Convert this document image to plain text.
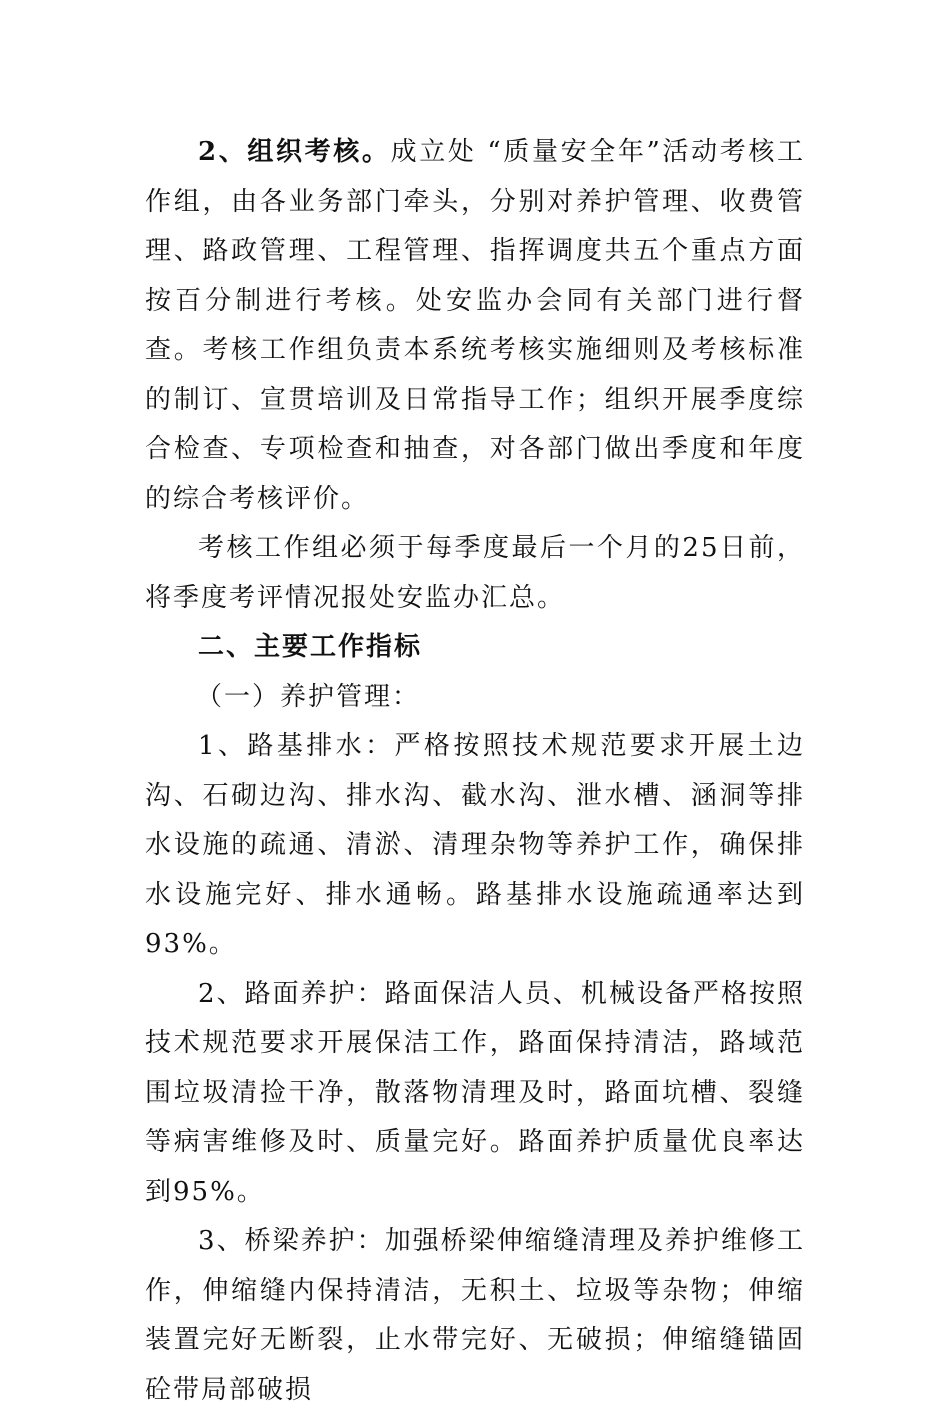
2、组织考核。成立处 “质量安全年”活动考核工作组，由各业务部门牵头，分别对养护管理、收费管理、路政管理、工程管理、指挥调度共五个重点方面按百分制进行考核。处安监办会同有关部门进行督查。考核工作组负责本系统考核实施细则及考核标准的制订、宣贯培训及日常指导工作；组织开展季度综合检查、专项检查和抽查，对各部门做出季度和年度的综合考核评价。

考核工作组必须于每季度最后一个月的25日前，将季度考评情况报处安监办汇总。

二、主要工作指标

（一）养护管理：

1、路基排水：严格按照技术规范要求开展土边沟、石砌边沟、排水沟、截水沟、泄水槽、涵洞等排水设施的疏通、清淤、清理杂物等养护工作，确保排水设施完好、排水通畅。路基排水设施疏通率达到93%。

2、路面养护：路面保洁人员、机械设备严格按照技术规范要求开展保洁工作，路面保持清洁，路域范围垃圾清捡干净，散落物清理及时，路面坑槽、裂缝等病害维修及时、质量完好。路面养护质量优良率达到95%。

3、桥梁养护：加强桥梁伸缩缝清理及养护维修工作，伸缩缝内保持清洁，无积土、垃圾等杂物；伸缩装置完好无断裂，止水带完好、无破损；伸缩缝锚固砼带局部破损
